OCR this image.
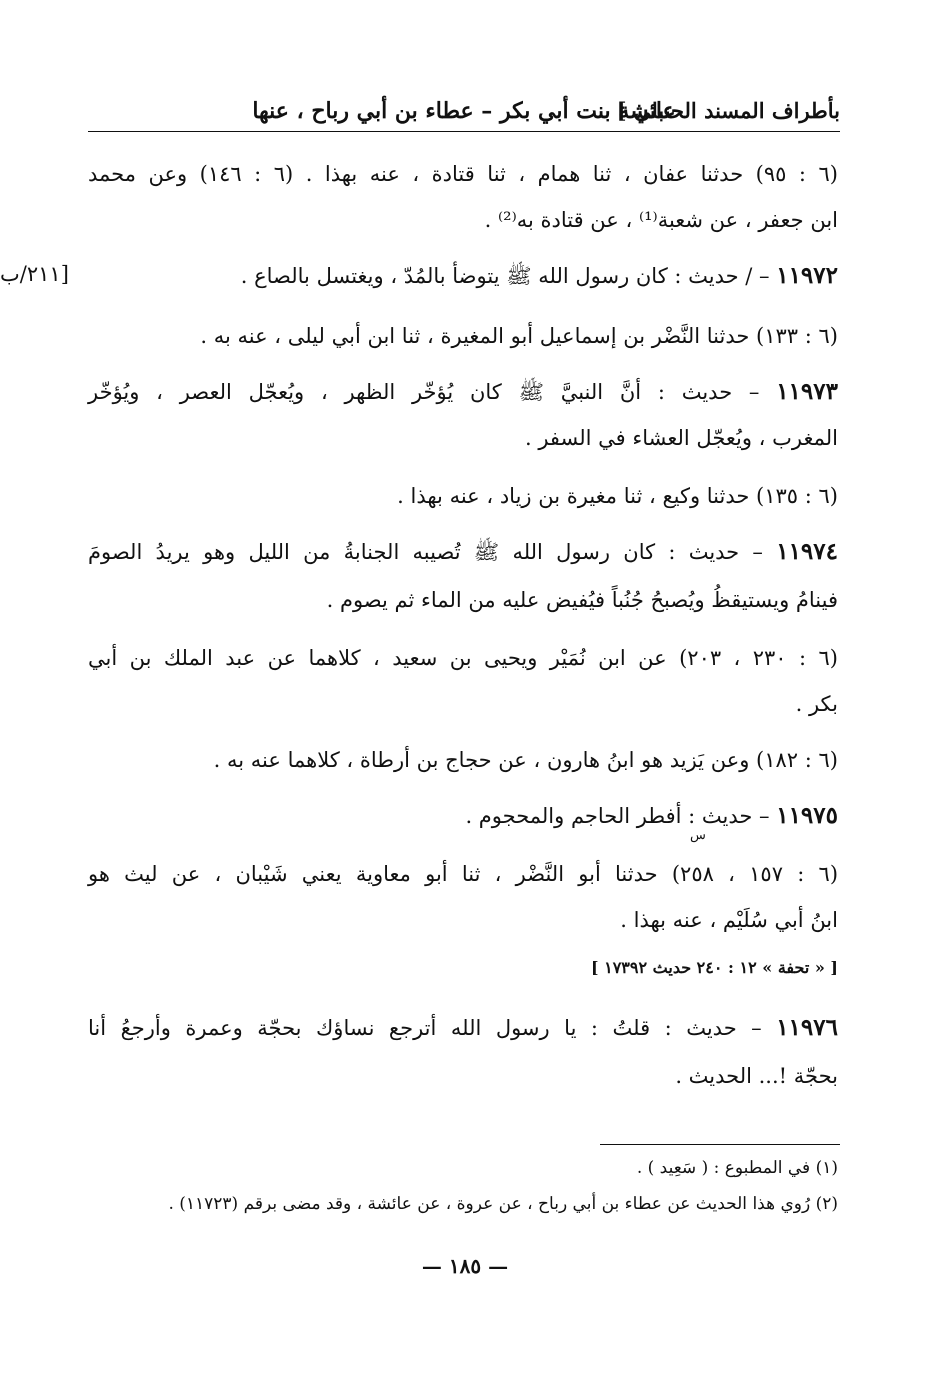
بأطراف المسند الحنبلي ]
عائشة بنت أبي بكر – عطاء بن أبي رباح ، عنها
(٦ : ٩٥) حدثنا عفان ، ثنا همام ، ثنا قتادة ، عنه بهذا . (٦ : ١٤٦) وعن محمد
ابن جعفر ، عن شعبة⁽¹⁾ ، عن قتادة به⁽²⁾ .
[٢١١/ب	١١٩٧٢ – / حديث : كان رسول الله ﷺ يتوضأ بالمُدّ ، ويغتسل بالصاع .
(٦ : ١٣٣) حدثنا النَّضْر بن إسماعيل أبو المغيرة ، ثنا ابن أبي ليلى ، عنه به .
١١٩٧٣ – حديث : أنَّ النبيَّ ﷺ كان يُؤخّر الظهر ، ويُعجّل العصر ، ويُؤخّر
المغرب ، ويُعجّل العشاء في السفر .
(٦ : ١٣٥) حدثنا وكيع ، ثنا مغيرة بن زياد ، عنه بهذا .
١١٩٧٤ – حديث : كان رسول الله ﷺ تُصيبه الجنابةُ من الليل وهو يريدُ الصومَ
فينامُ ويستيقظُ ويُصبحُ جُنُباً فيُفيض عليه من الماء ثم يصوم .
(٦ : ٢٣٠ ، ٢٠٣) عن ابن نُمَيْر ويحيى بن سعيد ، كلاهما عن عبد الملك بن أبي
بكر .
(٦ : ١٨٢) وعن يَزيد هو ابنُ هارون ، عن حجاج بن أرطاة ، كلاهما عنه به .
١١٩٧٥ – حديث : أفطر الحاجم والمحجوم .
س
(٦ : ١٥٧ ، ٢٥٨) حدثنا أبو النَّضْر ، ثنا أبو معاوية يعني شَيْبان ، عن ليث هو
ابنُ أبي سُلَيْم ، عنه بهذا .
[ « تحفة » ١٢ : ٢٤٠ حديث ١٧٣٩٢ ]
١١٩٧٦ – حديث : قلتُ : يا رسول الله أترجع نساؤك بحجّة وعمرة وأرجعُ أنا
بحجّة !... الحديث .
(١) في المطبوع : ( سَعِيد ) .
(٢) رُوي هذا الحديث عن عطاء بن أبي رباح ، عن عروة ، عن عائشة ، وقد مضى برقم (١١٧٢٣) .
— ١٨٥ —
